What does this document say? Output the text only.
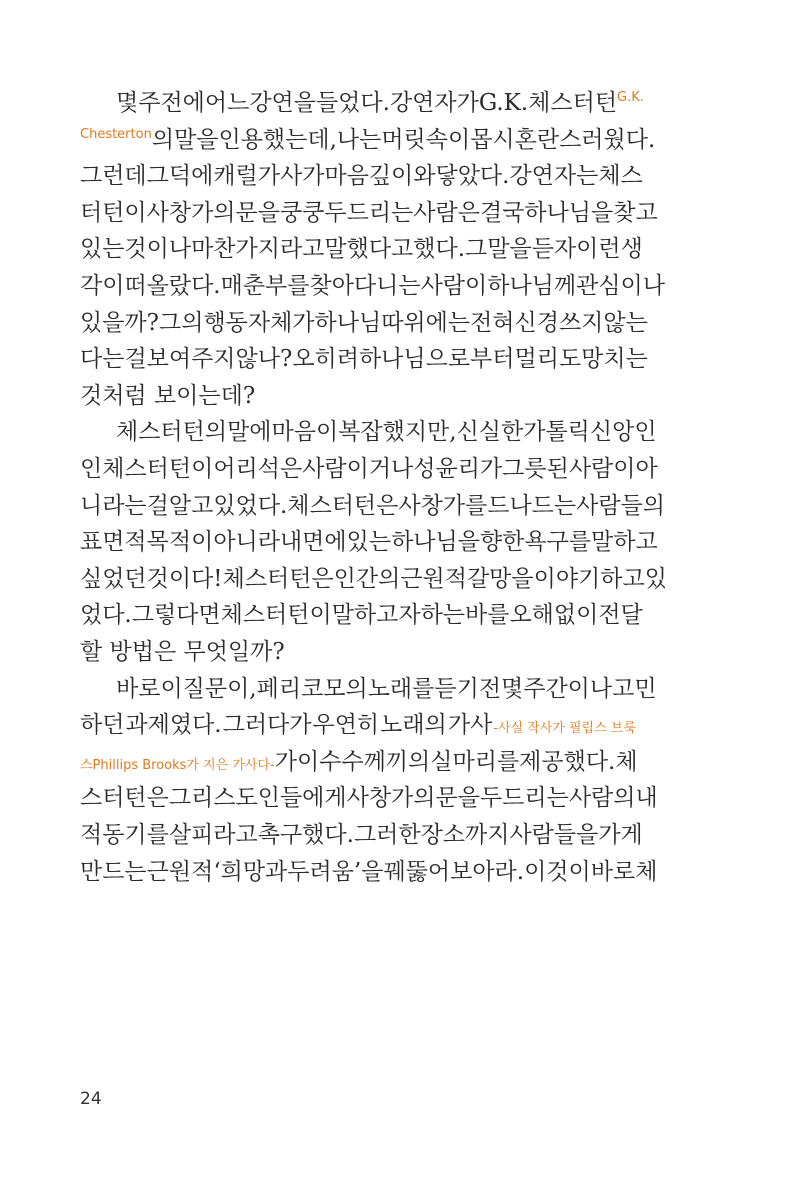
몇 주 전에 어느 강연을 들었다. 강연자가 G.K. 체스터턴 G.K.
Chesterton 의 말을 인용했는데, 나는 머릿속이 몹시 혼란스러웠다.
그런데 그 덕에 캐럴 가사가 마음 깊이 와 닿았다. 강연자는 체스
터턴이 사창가의 문을 쿵쿵 두드리는 사람은 결국 하나님을 찾고
있는 것이나 마찬가지라고 말했다고 했다. 그 말을 듣자 이런 생
각이 떠올랐다. 매춘부를 찾아다니는 사람이 하나님께 관심이나
있을까? 그의 행동 자체가 하나님 따위에는 전혀 신경 쓰지 않는
다는 걸 보여 주지 않나? 오히려 하나님으로부터 멀리 도망치는
것처럼 보이는데?
체스터턴의 말에 마음이 복잡했지만, 신실한 가톨릭 신앙인
인 체스터턴이 어리석은 사람이거나 성 윤리가 그릇된 사람이 아
니라는 걸 알고 있었다. 체스터턴은 사창가를 드나드는 사람들의
표면적 목적이 아니라 내면에 있는 하나님을 향한 욕구를 말하고
싶었던 것이다! 체스터턴은 인간의 근원적 갈망을 이야기하고 있
었다. 그렇다면 체스터턴이 말하고자 하는 바를 오해 없이 전달
할 방법은 무엇일까?
바로 이 질문이, 페리 코모의 노래를 듣기 전 몇 주간이나 고민
하던 과제였다. 그러다가 우연히 노래의 가사 -사실 작사가 필립스 브룩
스Phillips Brooks가 지은 가사다- 가 이 수수께끼의 실마리를 제공했다. 체
스터턴은 그리스도인들에게 사창가의 문을 두드리는 사람의 내
적 동기를 살피라고 촉구했다. 그러한 장소까지 사람들을 가게
만드는 근원적 ‘희망과 두려움’을 꿰뚫어 보아라. 이것이 바로 체
24
